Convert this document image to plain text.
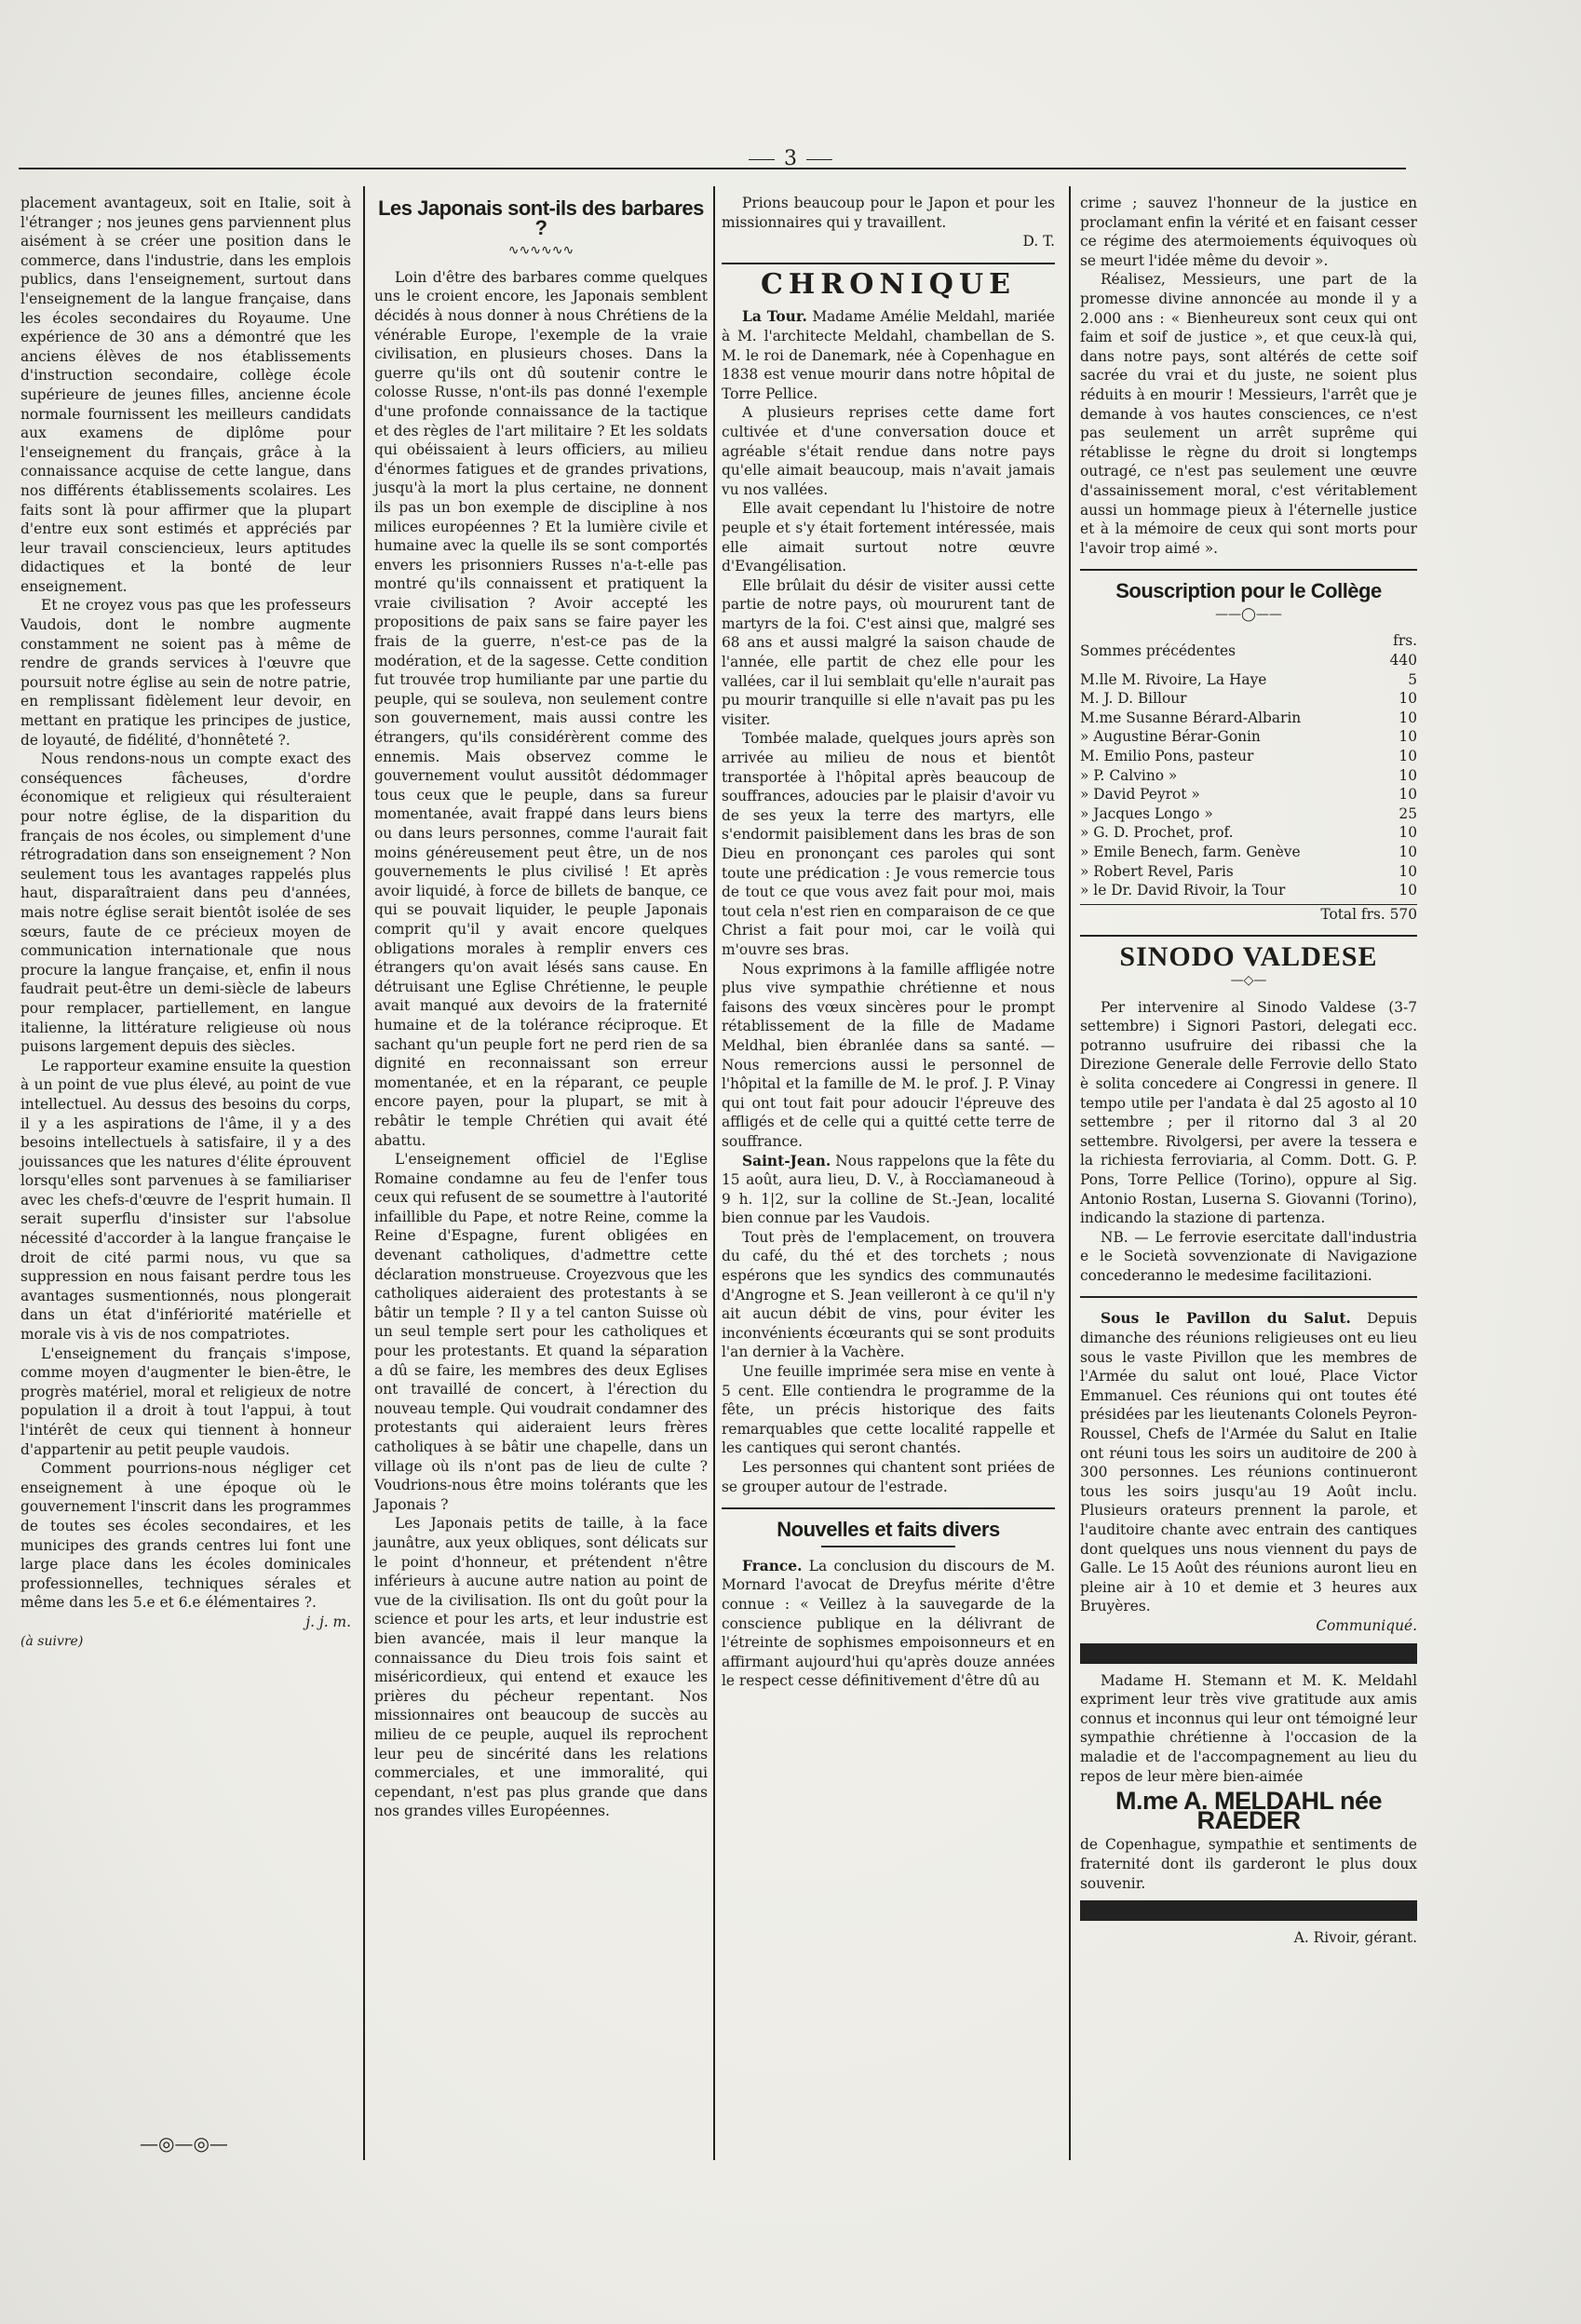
3

placement avantageux, soit en Italie, soit à l'étranger ; nos jeunes gens parviennent plus aisément à se créer une position dans le commerce, dans l'industrie, dans les emplois publics, dans l'enseignement, surtout dans l'enseignement de la langue française, dans les écoles secondaires du Royaume. Une expérience de 30 ans a démontré que les anciens élèves de nos établissements d'instruction secondaire, collège école supérieure de jeunes filles, ancienne école normale fournissent les meilleurs candidats aux examens de diplôme pour l'enseignement du français, grâce à la connaissance acquise de cette langue, dans nos différents établissements scolaires. Les faits sont là pour affirmer que la plupart d'entre eux sont estimés et appréciés par leur travail consciencieux, leurs aptitudes didactiques et la bonté de leur enseignement.

Et ne croyez vous pas que les professeurs Vaudois, dont le nombre augmente constamment ne soient pas à même de rendre de grands services à l'œuvre que poursuit notre église au sein de notre patrie, en remplissant fidèlement leur devoir, en mettant en pratique les principes de justice, de loyauté, de fidélité, d'honnêteté ?.

Nous rendons-nous un compte exact des conséquences fâcheuses, d'ordre économique et religieux qui résulteraient pour notre église, de la disparition du français de nos écoles, ou simplement d'une rétrogradation dans son enseignement ? Non seulement tous les avantages rappelés plus haut, disparaîtraient dans peu d'années, mais notre église serait bientôt isolée de ses sœurs, faute de ce précieux moyen de communication internationale que nous procure la langue française, et, enfin il nous faudrait peut-être un demi-siècle de labeurs pour remplacer, partiellement, en langue italienne, la littérature religieuse où nous puisons largement depuis des siècles.

Le rapporteur examine ensuite la question à un point de vue plus élevé, au point de vue intellectuel. Au dessus des besoins du corps, il y a les aspirations de l'âme, il y a des besoins intellectuels à satisfaire, il y a des jouissances que les natures d'élite éprouvent lorsqu'elles sont parvenues à se familiariser avec les chefs-d'œuvre de l'esprit humain. Il serait superflu d'insister sur l'absolue nécessité d'accorder à la langue française le droit de cité parmi nous, vu que sa suppression en nous faisant perdre tous les avantages susmentionnés, nous plongerait dans un état d'infériorité matérielle et morale vis à vis de nos compatriotes.

L'enseignement du français s'impose, comme moyen d'augmenter le bien-être, le progrès matériel, moral et religieux de notre population il a droit à tout l'appui, à tout l'intérêt de ceux qui tiennent à honneur d'appartenir au petit peuple vaudois.

Comment pourrions-nous négliger cet enseignement à une époque où le gouvernement l'inscrit dans les programmes de toutes ses écoles secondaires, et les municipes des grands centres lui font une large place dans les écoles dominicales professionnelles, techniques sérales et même dans les 5.e et 6.e élémentaires ?.

j. j. m.
(à suivre)
—◎—◎—
Les Japonais sont-ils des barbares ?
∿∿∿∿∿∿

Loin d'être des barbares comme quelques uns le croient encore, les Japonais semblent décidés à nous donner à nous Chrétiens de la vénérable Europe, l'exemple de la vraie civilisation, en plusieurs choses. Dans la guerre qu'ils ont dû soutenir contre le colosse Russe, n'ont-ils pas donné l'exemple d'une profonde connaissance de la tactique et des règles de l'art militaire ? Et les soldats qui obéissaient à leurs officiers, au milieu d'énormes fatigues et de grandes privations, jusqu'à la mort la plus certaine, ne donnent ils pas un bon exemple de discipline à nos milices européennes ? Et la lumière civile et humaine avec la quelle ils se sont comportés envers les prisonniers Russes n'a-t-elle pas montré qu'ils connaissent et pratiquent la vraie civilisation ? Avoir accepté les propositions de paix sans se faire payer les frais de la guerre, n'est-ce pas de la modération, et de la sagesse. Cette condition fut trouvée trop humiliante par une partie du peuple, qui se souleva, non seulement contre son gouvernement, mais aussi contre les étrangers, qu'ils considérèrent comme des ennemis. Mais observez comme le gouvernement voulut aussitôt dédommager tous ceux que le peuple, dans sa fureur momentanée, avait frappé dans leurs biens ou dans leurs personnes, comme l'aurait fait moins généreusement peut être, un de nos gouvernements le plus civilisé ! Et après avoir liquidé, à force de billets de banque, ce qui se pouvait liquider, le peuple Japonais comprit qu'il y avait encore quelques obligations morales à remplir envers ces étrangers qu'on avait lésés sans cause. En détruisant une Eglise Chrétienne, le peuple avait manqué aux devoirs de la fraternité humaine et de la tolérance réciproque. Et sachant qu'un peuple fort ne perd rien de sa dignité en reconnaissant son erreur momentanée, et en la réparant, ce peuple encore payen, pour la plupart, se mit à rebâtir le temple Chrétien qui avait été abattu.

L'enseignement officiel de l'Eglise Romaine condamne au feu de l'enfer tous ceux qui refusent de se soumettre à l'autorité infaillible du Pape, et notre Reine, comme la Reine d'Espagne, furent obligées en devenant catholiques, d'admettre cette déclaration monstrueuse. Croyezvous que les catholiques aideraient des protestants à se bâtir un temple ? Il y a tel canton Suisse où un seul temple sert pour les catholiques et pour les protestants. Et quand la séparation a dû se faire, les membres des deux Eglises ont travaillé de concert, à l'érection du nouveau temple. Qui voudrait condamner des protestants qui aideraient leurs frères catholiques à se bâtir une chapelle, dans un village où ils n'ont pas de lieu de culte ? Voudrions-nous être moins tolérants que les Japonais ?

Les Japonais petits de taille, à la face jaunâtre, aux yeux obliques, sont délicats sur le point d'honneur, et prétendent n'être inférieurs à aucune autre nation au point de vue de la civilisation. Ils ont du goût pour la science et pour les arts, et leur industrie est bien avancée, mais il leur manque la connaissance du Dieu trois fois saint et miséricordieux, qui entend et exauce les prières du pécheur repentant. Nos missionnaires ont beaucoup de succès au milieu de ce peuple, auquel ils reprochent leur peu de sincérité dans les relations commerciales, et une immoralité, qui cependant, n'est pas plus grande que dans nos grandes villes Européennes.

Prions beaucoup pour le Japon et pour les missionnaires qui y travaillent.

D. T.
CHRONIQUE

La Tour. Madame Amélie Meldahl, mariée à M. l'architecte Meldahl, chambellan de S. M. le roi de Danemark, née à Copenhague en 1838 est venue mourir dans notre hôpital de Torre Pellice.

A plusieurs reprises cette dame fort cultivée et d'une conversation douce et agréable s'était rendue dans notre pays qu'elle aimait beaucoup, mais n'avait jamais vu nos vallées.

Elle avait cependant lu l'histoire de notre peuple et s'y était fortement intéressée, mais elle aimait surtout notre œuvre d'Evangélisation.

Elle brûlait du désir de visiter aussi cette partie de notre pays, où moururent tant de martyrs de la foi. C'est ainsi que, malgré ses 68 ans et aussi malgré la saison chaude de l'année, elle partit de chez elle pour les vallées, car il lui semblait qu'elle n'aurait pas pu mourir tranquille si elle n'avait pas pu les visiter.

Tombée malade, quelques jours après son arrivée au milieu de nous et bientôt transportée à l'hôpital après beaucoup de souffrances, adoucies par le plaisir d'avoir vu de ses yeux la terre des martyrs, elle s'endormit paisiblement dans les bras de son Dieu en prononçant ces paroles qui sont toute une prédication : Je vous remercie tous de tout ce que vous avez fait pour moi, mais tout cela n'est rien en comparaison de ce que Christ a fait pour moi, car le voilà qui m'ouvre ses bras.

Nous exprimons à la famille affligée notre plus vive sympathie chrétienne et nous faisons des vœux sincères pour le prompt rétablissement de la fille de Madame Meldhal, bien ébranlée dans sa santé. — Nous remercions aussi le personnel de l'hôpital et la famille de M. le prof. J. P. Vinay qui ont tout fait pour adoucir l'épreuve des affligés et de celle qui a quitté cette terre de souffrance.

Saint-Jean. Nous rappelons que la fête du 15 août, aura lieu, D. V., à Roccìamaneoud à 9 h. 1|2, sur la colline de St.-Jean, localité bien connue par les Vaudois.

Tout près de l'emplacement, on trouvera du café, du thé et des torchets ; nous espérons que les syndics des communautés d'Angrogne et S. Jean veilleront à ce qu'il n'y ait aucun débit de vins, pour éviter les inconvénients écœurants qui se sont produits l'an dernier à la Vachère.

Une feuille imprimée sera mise en vente à 5 cent. Elle contiendra le programme de la fête, un précis historique des faits remarquables que cette localité rappelle et les cantiques qui seront chantés.

Les personnes qui chantent sont priées de se grouper autour de l'estrade.

Nouvelles et faits divers

France. La conclusion du discours de M. Mornard l'avocat de Dreyfus mérite d'être connue : « Veillez à la sauvegarde de la conscience publique en la délivrant de l'étreinte de sophismes empoisonneurs et en affirmant aujourd'hui qu'après douze années le respect cesse définitivement d'être dû au

crime ; sauvez l'honneur de la justice en proclamant enfin la vérité et en faisant cesser ce régime des atermoiements équivoques où se meurt l'idée même du devoir ».

Réalisez, Messieurs, une part de la promesse divine annoncée au monde il y a 2.000 ans : « Bienheureux sont ceux qui ont faim et soif de justice », et que ceux-là qui, dans notre pays, sont altérés de cette soif sacrée du vrai et du juste, ne soient plus réduits à en mourir ! Messieurs, l'arrêt que je demande à vos hautes consciences, ce n'est pas seulement un arrêt suprême qui rétablisse le règne du droit si longtemps outragé, ce n'est pas seulement une œuvre d'assainissement moral, c'est véritablement aussi un hommage pieux à l'éternelle justice et à la mémoire de ceux qui sont morts pour l'avoir trop aimé ».

Souscription pour le Collège
——◯——
Sommes précédentes	frs. 440
M.lle M. Rivoire, La Haye	5
M. J. D. Billour	10
M.me Susanne Bérard-Albarin	10
» Augustine Bérar-Gonin	10
M. Emilio Pons, pasteur	10
» P. Calvino »	10
» David Peyrot »	10
» Jacques Longo »	25
» G. D. Prochet, prof.	10
» Emile Benech, farm. Genève	10
» Robert Revel, Paris	10
» le Dr. David Rivoir, la Tour	10
Total frs. 570
SINODO VALDESE
—◇—

Per intervenire al Sinodo Valdese (3-7 settembre) i Signori Pastori, delegati ecc. potranno usufruire dei ribassi che la Direzione Generale delle Ferrovie dello Stato è solita concedere ai Congressi in genere. Il tempo utile per l'andata è dal 25 agosto al 10 settembre ; per il ritorno dal 3 al 20 settembre. Rivolgersi, per avere la tessera e la richiesta ferroviaria, al Comm. Dott. G. P. Pons, Torre Pellice (Torino), oppure al Sig. Antonio Rostan, Luserna S. Giovanni (Torino), indicando la stazione di partenza.

NB. — Le ferrovie esercitate dall'industria e le Società sovvenzionate di Navigazione concederanno le medesime facilitazioni.

Sous le Pavillon du Salut. Depuis dimanche des réunions religieuses ont eu lieu sous le vaste Pivillon que les membres de l'Armée du salut ont loué, Place Victor Emmanuel. Ces réunions qui ont toutes été présidées par les lieutenants Colonels Peyron-Roussel, Chefs de l'Armée du Salut en Italie ont réuni tous les soirs un auditoire de 200 à 300 personnes. Les réunions continueront tous les soirs jusqu'au 19 Août inclu. Plusieurs orateurs prennent la parole, et l'auditoire chante avec entrain des cantiques dont quelques uns nous viennent du pays de Galle. Le 15 Août des réunions auront lieu en pleine air à 10 et demie et 3 heures aux Bruyères.

Communiqué.

Madame H. Stemann et M. K. Meldahl expriment leur très vive gratitude aux amis connus et inconnus qui leur ont témoigné leur sympathie chrétienne à l'occasion de la maladie et de l'accompagnement au lieu du repos de leur mère bien-aimée

M.me A. MELDAHL née RAEDER

de Copenhague, sympathie et sentiments de fraternité dont ils garderont le plus doux souvenir.

A. Rivoir, gérant.
